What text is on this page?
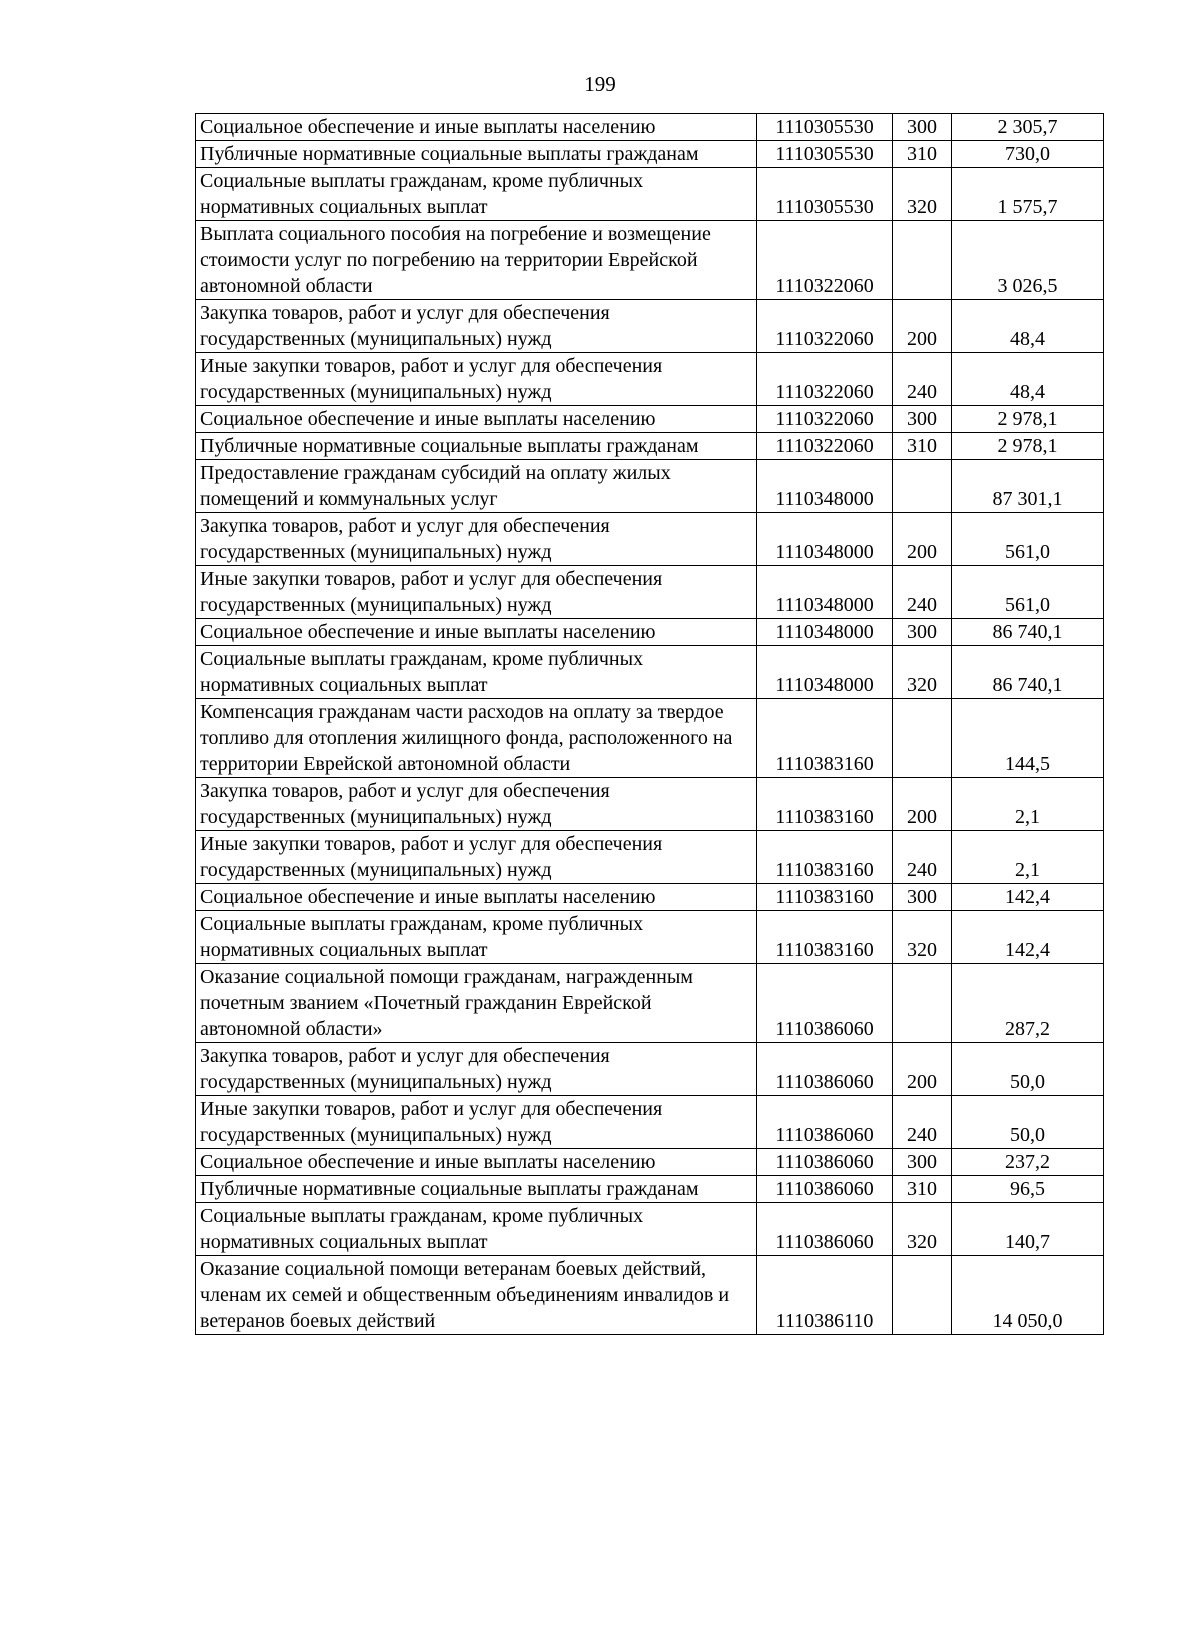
199
Социальное обеспечение и иные выплаты населению	1110305530	300	2 305,7
Публичные нормативные социальные выплаты гражданам	1110305530	310	730,0
Социальные выплаты гражданам, кроме публичных нормативных социальных выплат	1110305530	320	1 575,7
Выплата социального пособия на погребение и возмещение стоимости услуг по погребению на территории Еврейской автономной области	1110322060		3 026,5
Закупка товаров, работ и услуг для обеспечения государственных (муниципальных) нужд	1110322060	200	48,4
Иные закупки товаров, работ и услуг для обеспечения государственных (муниципальных) нужд	1110322060	240	48,4
Социальное обеспечение и иные выплаты населению	1110322060	300	2 978,1
Публичные нормативные социальные выплаты гражданам	1110322060	310	2 978,1
Предоставление гражданам субсидий на оплату жилых помещений и коммунальных услуг	1110348000		87 301,1
Закупка товаров, работ и услуг для обеспечения государственных (муниципальных) нужд	1110348000	200	561,0
Иные закупки товаров, работ и услуг для обеспечения государственных (муниципальных) нужд	1110348000	240	561,0
Социальное обеспечение и иные выплаты населению	1110348000	300	86 740,1
Социальные выплаты гражданам, кроме публичных нормативных социальных выплат	1110348000	320	86 740,1
Компенсация гражданам части расходов на оплату за твердое топливо для отопления жилищного фонда, расположенного на территории Еврейской автономной области	1110383160		144,5
Закупка товаров, работ и услуг для обеспечения государственных (муниципальных) нужд	1110383160	200	2,1
Иные закупки товаров, работ и услуг для обеспечения государственных (муниципальных) нужд	1110383160	240	2,1
Социальное обеспечение и иные выплаты населению	1110383160	300	142,4
Социальные выплаты гражданам, кроме публичных нормативных социальных выплат	1110383160	320	142,4
Оказание социальной помощи гражданам, награжденным почетным званием «Почетный гражданин Еврейской автономной области»	1110386060		287,2
Закупка товаров, работ и услуг для обеспечения государственных (муниципальных) нужд	1110386060	200	50,0
Иные закупки товаров, работ и услуг для обеспечения государственных (муниципальных) нужд	1110386060	240	50,0
Социальное обеспечение и иные выплаты населению	1110386060	300	237,2
Публичные нормативные социальные выплаты гражданам	1110386060	310	96,5
Социальные выплаты гражданам, кроме публичных нормативных социальных выплат	1110386060	320	140,7
Оказание социальной помощи ветеранам боевых действий, членам их семей и общественным объединениям инвалидов и ветеранов боевых действий	1110386110		14 050,0
